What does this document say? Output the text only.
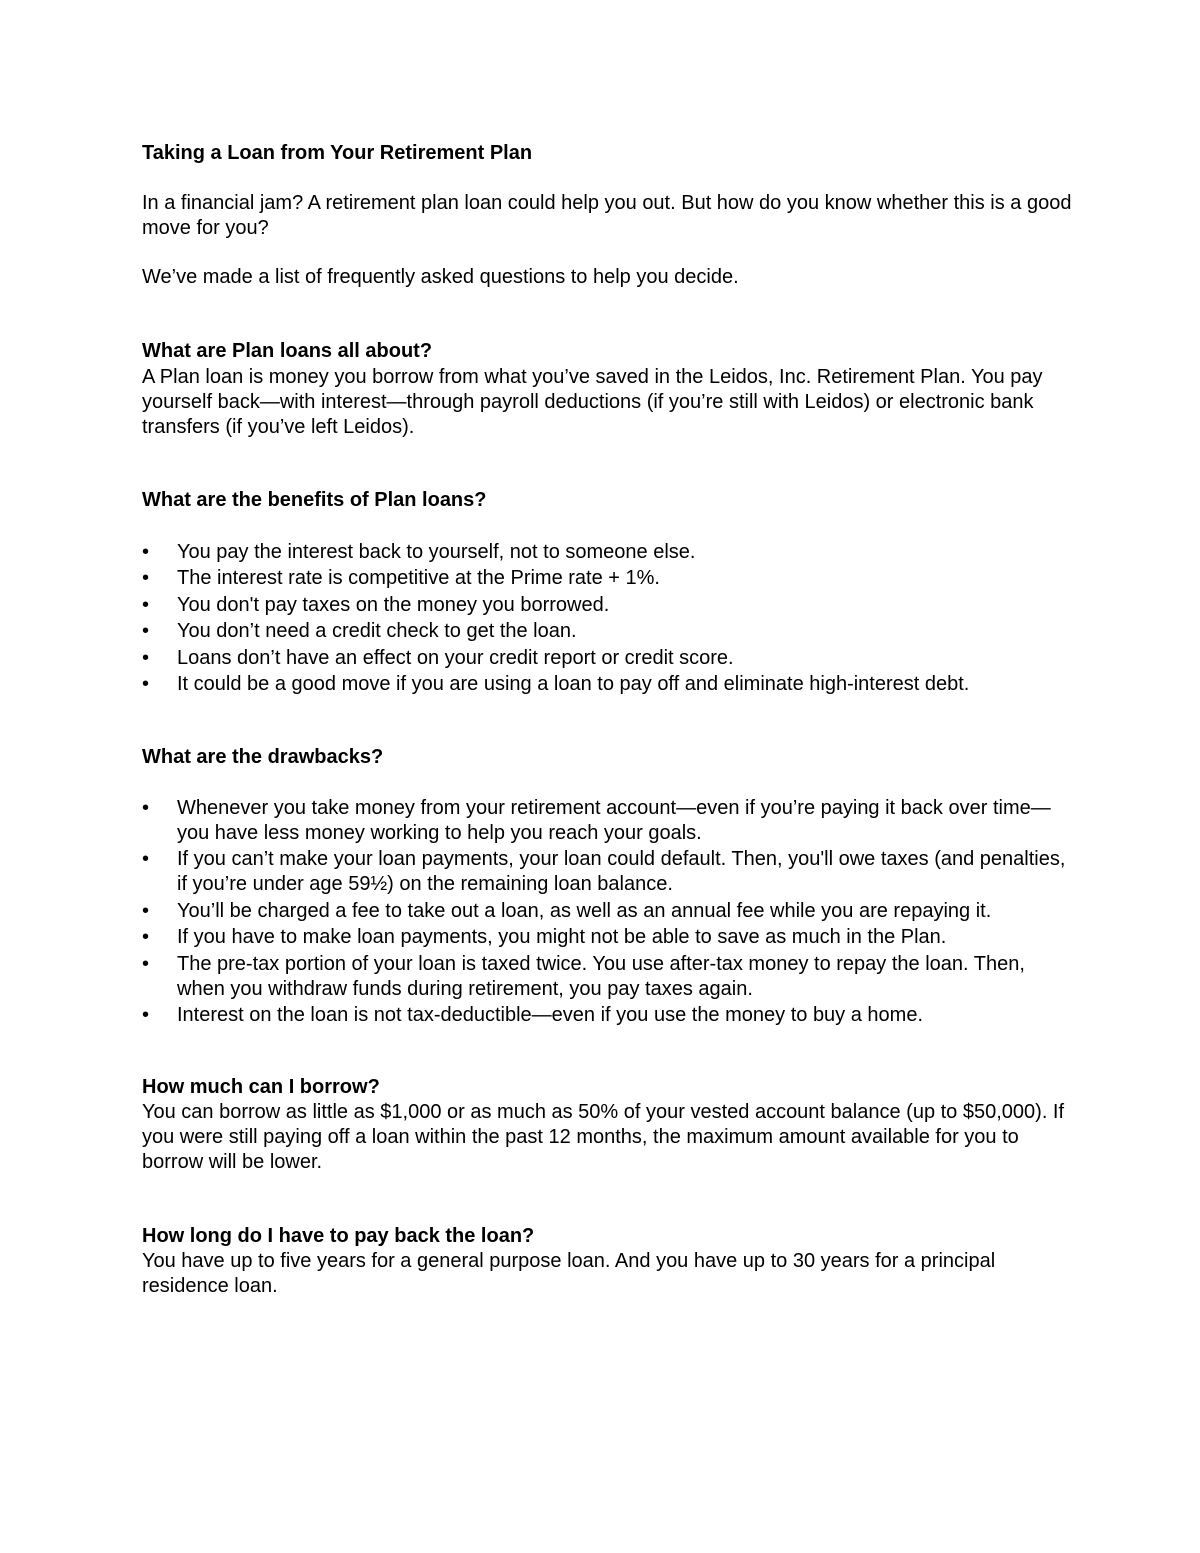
Taking a Loan from Your Retirement Plan

In a financial jam? A retirement plan loan could help you out. But how do you know whether this is a good move for you?

We’ve made a list of frequently asked questions to help you decide.

What are Plan loans all about?

A Plan loan is money you borrow from what you’ve saved in the Leidos, Inc. Retirement Plan. You pay yourself back—with interest—through payroll deductions (if you’re still with Leidos) or electronic bank transfers (if you’ve left Leidos).

What are the benefits of Plan loans?

• You pay the interest back to yourself, not to someone else.
• The interest rate is competitive at the Prime rate + 1%.
• You don't pay taxes on the money you borrowed.
• You don’t need a credit check to get the loan.
• Loans don’t have an effect on your credit report or credit score.
• It could be a good move if you are using a loan to pay off and eliminate high-interest debt.

What are the drawbacks?

• Whenever you take money from your retirement account—even if you’re paying it back over time—you have less money working to help you reach your goals.
• If you can’t make your loan payments, your loan could default. Then, you'll owe taxes (and penalties, if you’re under age 59½) on the remaining loan balance.
• You’ll be charged a fee to take out a loan, as well as an annual fee while you are repaying it.
• If you have to make loan payments, you might not be able to save as much in the Plan.
• The pre-tax portion of your loan is taxed twice. You use after-tax money to repay the loan. Then, when you withdraw funds during retirement, you pay taxes again.
• Interest on the loan is not tax-deductible—even if you use the money to buy a home.

How much can I borrow?

You can borrow as little as $1,000 or as much as 50% of your vested account balance (up to $50,000). If you were still paying off a loan within the past 12 months, the maximum amount available for you to borrow will be lower.

How long do I have to pay back the loan?

You have up to five years for a general purpose loan. And you have up to 30 years for a principal residence loan.
